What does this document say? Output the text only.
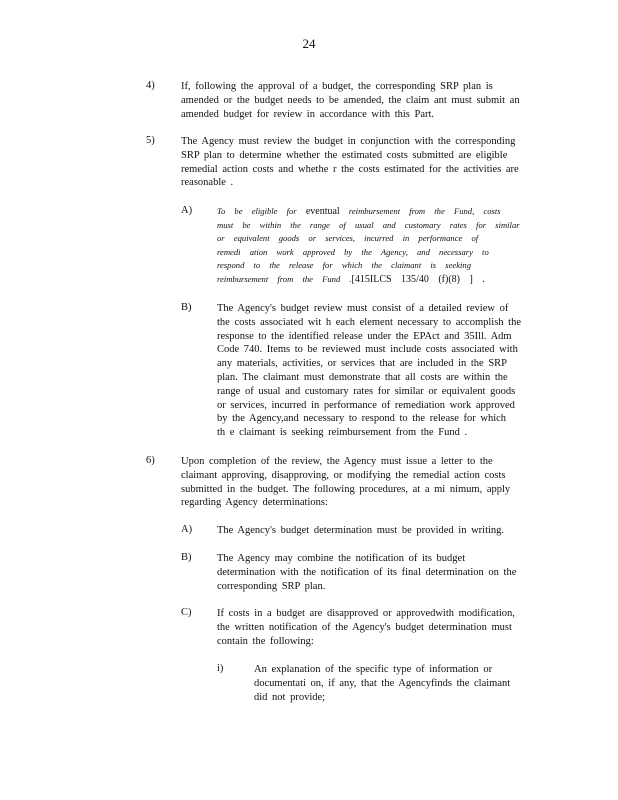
24
4)	If, following the approval of a budget, the corresponding SRP plan is
amended or the budget needs to be amended, the claim ant must submit an
amended budget for review in accordance with this Part.
5)	The Agency must review the budget in conjunction with the corresponding
SRP plan to determine whether the estimated costs submitted are eligible
remedial action costs and whethe r the costs estimated for the activities are
reasonable .
A)	To be eligible for eventual reimbursement from the Fund, costs
must be within the range of usual and customary rates for similar
or equivalent goods or services, incurred in performance of
remedi ation work approved by the Agency, and necessary to
respond to the release for which the claimant is seeking
reimbursement from the Fund .[415ILCS 135/40 (f)(8) ] .
B) The Agency's budget review must consist of a detailed review of
the costs associated wit h each element necessary to accomplish the
response to the identified release under the EPAct and 35Ill. Adm
Code 740. Items to be reviewed must include costs associated with
any materials, activities, or services that are included in the SRP
plan. The claimant must demonstrate that all costs are within the
range of usual and customary rates for similar or equivalent goods
or services, incurred in performance of remediation work approved
by the Agency,and necessary to respond to the release for which
th e claimant is seeking reimbursement from the Fund .
6)	Upon completion of the review, the Agency must issue a letter to the
claimant approving, disapproving, or modifying the remedial action costs
submitted in the budget. The following procedures, at a mi nimum, apply
regarding Agency determinations:
A) The Agency's budget determination must be provided in writing.
B) The Agency may combine the notification of its budget
determination with the notification of its final determination on the
corresponding SRP plan.
C) If costs in a budget are disapproved or approvedwith modification,
the written notification of the Agency's budget determination must
contain the following:
i)	An explanation of the specific type of information or
documentati on, if any, that the Agencyfinds the claimant
did not provide;
